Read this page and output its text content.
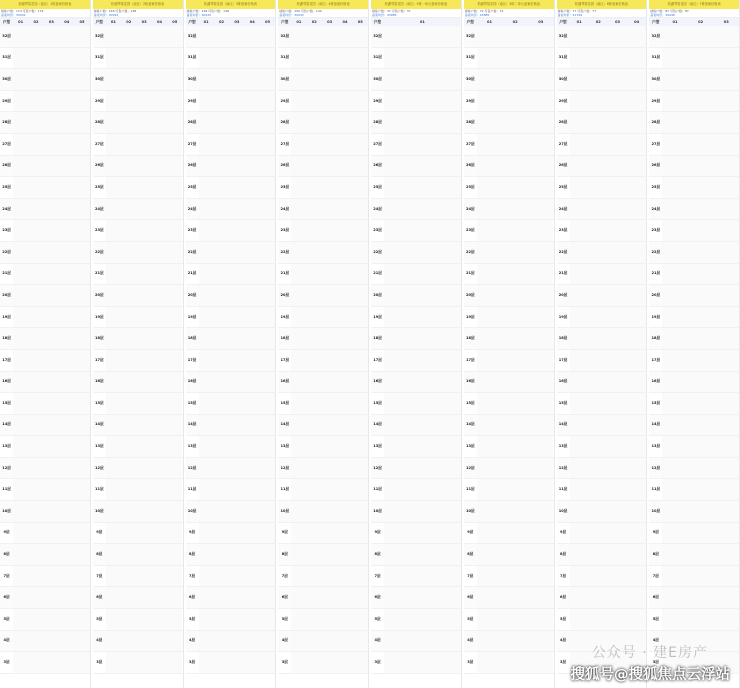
松湖琴棠花园（南区）1栋备案价格表
楼栋户数：174 可售户数：174
备案均价：30932
户型	01	02	03	04	05
32层
31层
30层
29层
28层
27层
26层
25层
24层
23层
22层
21层
20层
19层
18层
17层
16层
15层
14层
13层
12层
11层
10层
9层
8层
7层
6层
5层
4层
3层
松湖琴棠花园（南区）2栋备案价格表
楼栋户数：148 可售户数：148
备案均价：30932
户型	01	02	03	04	05
32层
31层
30层
29层
28层
27层
26层
25层
24层
23层
22层
21层
20层
19层
18层
17层
16层
15层
14层
13层
12层
11层
10层
9层
8层
7层
6层
5层
4层
3层
松湖琴棠花园（南区）3栋备案价格表
楼栋户数：148 可售户数：148
备案均价：30932
户型	01	02	03	04	05
32层
31层
30层
29层
28层
27层
26层
25层
24层
23层
22层
21层
20层
19层
18层
17层
16层
15层
14层
13层
12层
11层
10层
9层
8层
7层
6层
5层
4层
3层
松湖琴棠花园（南区）4栋备案价格表
楼栋户数：140 可售户数：140
备案均价：30932
户型	01	02	03	04	05
32层
31层
30层
29层
28层
27层
26层
25层
24层
23层
22层
21层
20层
19层
18层
17层
16层
15层
14层
13层
12层
11层
10层
9层
8层
7层
6层
5层
4层
3层
松湖琴棠花园（南区）5栋一单元备案价格表
楼栋户数：37 可售户数：37
备案均价：43885
户型	01
32层
31层
30层
29层
28层
27层
26层
25层
24层
23层
22层
21层
20层
19层
18层
17层
16层
15层
14层
13层
12层
11层
10层
9层
8层
7层
6层
5层
4层
3层
松湖琴棠花园（南区）5栋二单元备案价格表
楼栋户数：74 可售户数：74
备案均价：43885
户型	01	02	03
32层
31层
30层
29层
28层
27层
26层
25层
24层
23层
22层
21层
20层
19层
18层
17层
16层
15层
14层
13层
12层
11层
10层
9层
8层
7层
6层
5层
4层
3层
松湖琴棠花园（南区）6栋备案价格表
楼栋户数：77 可售户数：77
备案均价：41749
户型	01	02	03	04
32层
31层
30层
29层
28层
27层
26层
25层
24层
23层
22层
21层
20层
19层
18层
17层
16层
15层
14层
13层
12层
11层
10层
9层
8层
7层
6层
5层
4层
3层
松湖琴棠花园（南区）7栋备案价格表
楼栋户数：87 可售户数：87
备案均价：39448
户型	01	02	03
32层
31层
30层
29层
28层
27层
26层
25层
24层
23层
22层
21层
20层
19层
18层
17层
16层
15层
14层
13层
12层
11层
10层
9层
8层
7层
6层
5层
4层
3层
公众号 · 建E房产
搜狐号@搜狐焦点云浮站
